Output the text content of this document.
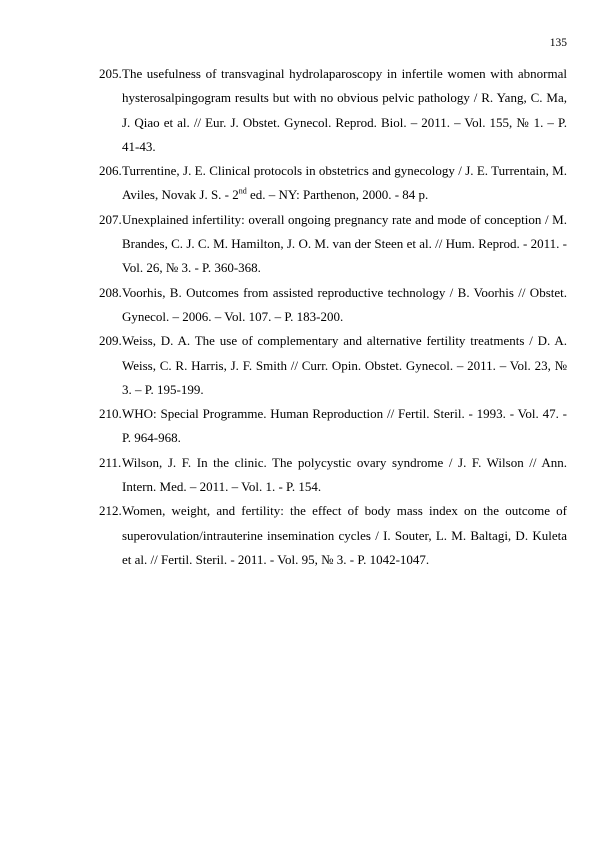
135
205. The usefulness of transvaginal hydrolaparoscopy in infertile women with abnormal hysterosalpingogram results but with no obvious pelvic pathology / R. Yang, C. Ma, J. Qiao et al. // Eur. J. Obstet. Gynecol. Reprod. Biol. – 2011. – Vol. 155, № 1. – P. 41-43.
206. Turrentine, J. E. Clinical protocols in obstetrics and gynecology / J. E. Turrentain, M. Aviles, Novak J. S. - 2nd ed. – NY: Parthenon, 2000. - 84 p.
207. Unexplained infertility: overall ongoing pregnancy rate and mode of conception / M. Brandes, C. J. C. M. Hamilton, J. O. M. van der Steen et al. // Hum. Reprod. - 2011. - Vol. 26, № 3. - P. 360-368.
208. Voorhis, B. Outcomes from assisted reproductive technology / B. Voorhis // Obstet. Gynecol. – 2006. – Vol. 107. – P. 183-200.
209. Weiss, D. A. The use of complementary and alternative fertility treatments / D. A. Weiss, C. R. Harris, J. F. Smith // Curr. Opin. Obstet. Gynecol. – 2011. – Vol. 23, № 3. – P. 195-199.
210. WHO: Special Programme. Human Reproduction // Fertil. Steril. - 1993. - Vol. 47. - P. 964-968.
211. Wilson, J. F. In the clinic. The polycystic ovary syndrome / J. F. Wilson // Ann. Intern. Med. – 2011. – Vol. 1. - P. 154.
212. Women, weight, and fertility: the effect of body mass index on the outcome of superovulation/intrauterine insemination cycles / I. Souter, L. M. Baltagi, D. Kuleta et al. // Fertil. Steril. - 2011. - Vol. 95, № 3. - P. 1042-1047.
